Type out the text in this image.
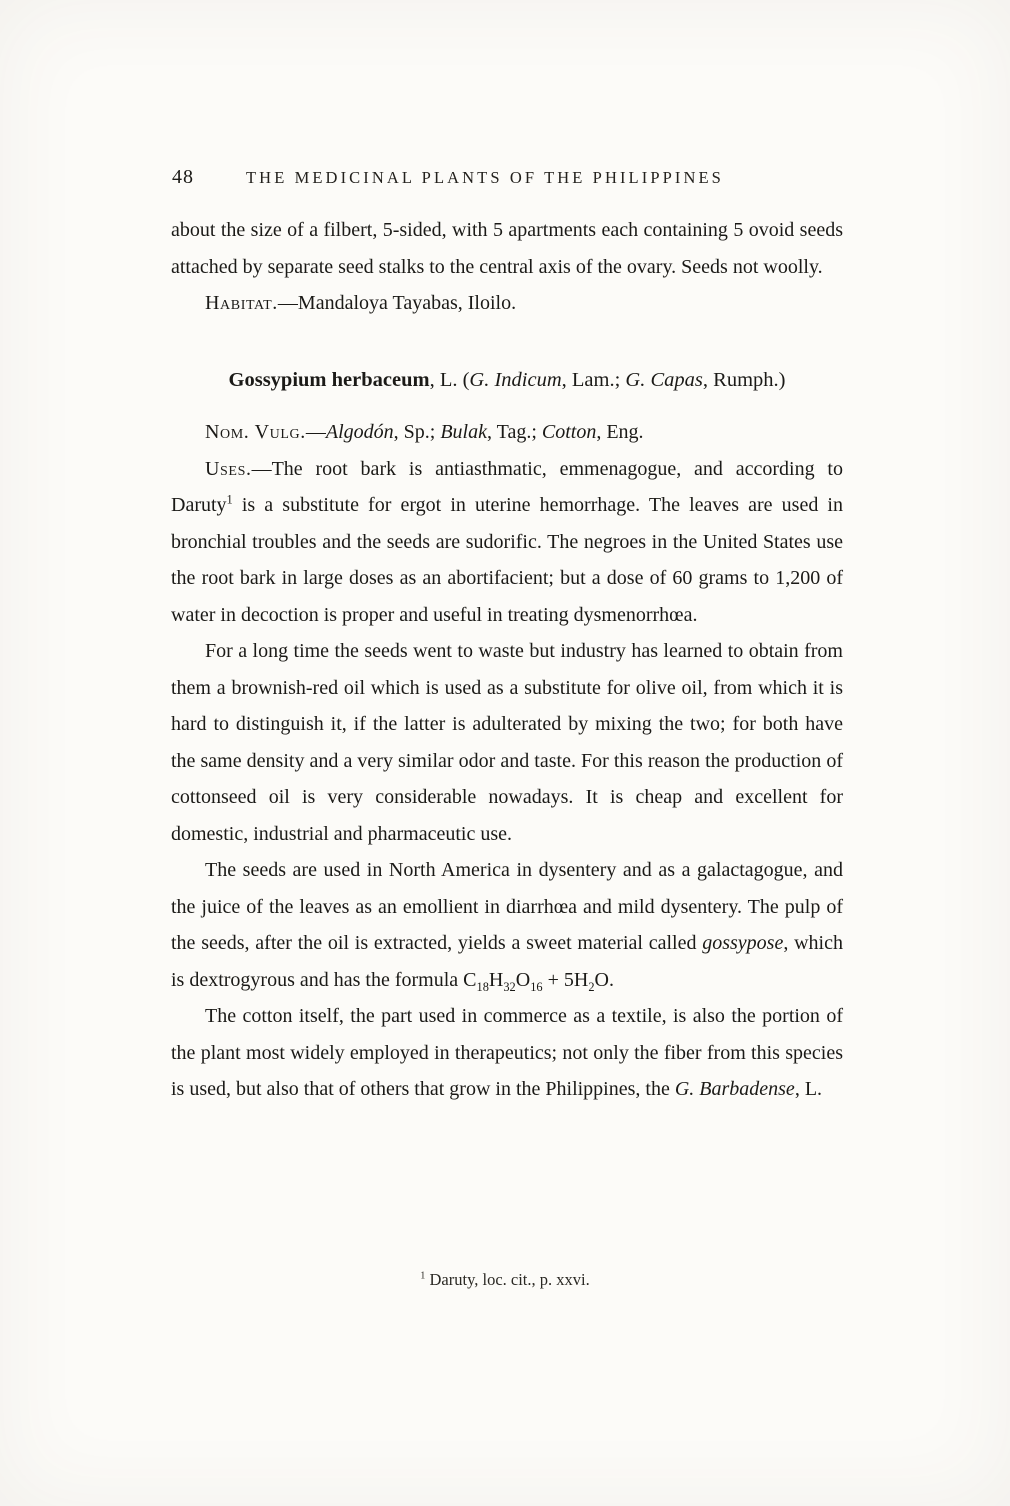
48	THE MEDICINAL PLANTS OF THE PHILIPPINES

about the size of a filbert, 5-sided, with 5 apartments each containing 5 ovoid seeds attached by separate seed stalks to the central axis of the ovary. Seeds not woolly.

Habitat.—Mandaloya Tayabas, Iloilo.

Gossypium herbaceum, L. (G. Indicum, Lam.; G. Capas, Rumph.)

Nom. Vulg.—Algodón, Sp.; Bulak, Tag.; Cotton, Eng.

Uses.—The root bark is antiasthmatic, emmenagogue, and according to Daruty$^1$ is a substitute for ergot in uterine hemorrhage. The leaves are used in bronchial troubles and the seeds are sudorific. The negroes in the United States use the root bark in large doses as an abortifacient; but a dose of 60 grams to 1,200 of water in decoction is proper and useful in treating dysmenorrhœa.

For a long time the seeds went to waste but industry has learned to obtain from them a brownish-red oil which is used as a substitute for olive oil, from which it is hard to distinguish it, if the latter is adulterated by mixing the two; for both have the same density and a very similar odor and taste. For this reason the production of cottonseed oil is very considerable nowadays. It is cheap and excellent for domestic, industrial and pharmaceutic use.

The seeds are used in North America in dysentery and as a galactagogue, and the juice of the leaves as an emollient in diarrhœa and mild dysentery. The pulp of the seeds, after the oil is extracted, yields a sweet material called gossypose, which is dextrogyrous and has the formula $C_{18}H_{32}O_{16} + 5H_2O$.

The cotton itself, the part used in commerce as a textile, is also the portion of the plant most widely employed in therapeutics; not only the fiber from this species is used, but also that of others that grow in the Philippines, the G. Barbadense, L.

$^1$ Daruty, loc. cit., p. xxvi.
